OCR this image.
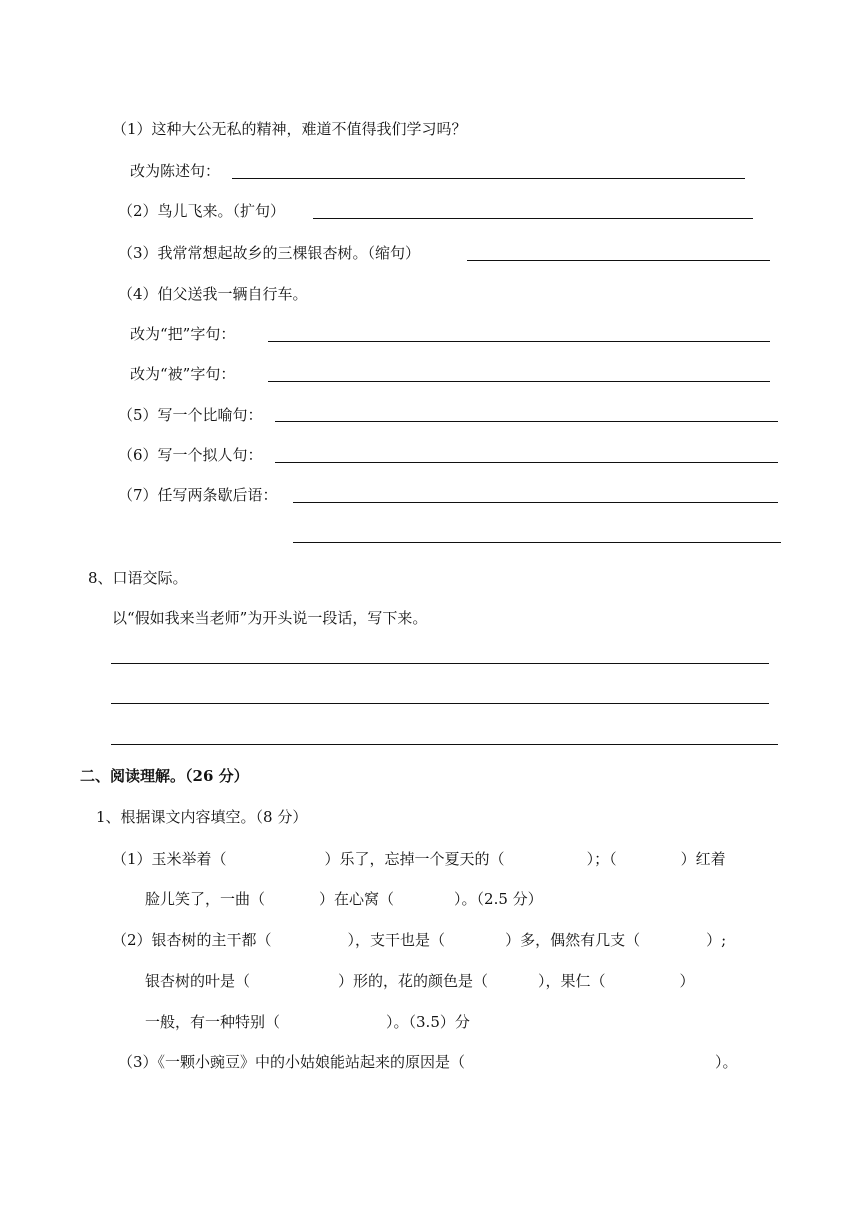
（1）这种大公无私的精神，难道不值得我们学习吗？
改为陈述句：
（2）鸟儿飞来。（扩句）
（3）我常常想起故乡的三棵银杏树。（缩句）
（4）伯父送我一辆自行车。
改为“把”字句：
改为“被”字句：
（5）写一个比喻句：
（6）写一个拟人句：
（7）任写两条歇后语：
8、口语交际。
以“假如我来当老师”为开头说一段话，写下来。
二、阅读理解。（26 分）
1、根据课文内容填空。（8 分）
（1）玉米举着（	）乐了，忘掉一个夏天的（	）；（	）红着
脸儿笑了，一曲（	）在心窝（	）。（2.5 分）
（2）银杏树的主干都（	），支干也是（	）多，偶然有几支（	）;
银杏树的叶是（	）形的，花的颜色是（	），果仁（	）
一般，有一种特别（	）。（3.5）分
（3）《一颗小豌豆》中的小姑娘能站起来的原因是（	）。
